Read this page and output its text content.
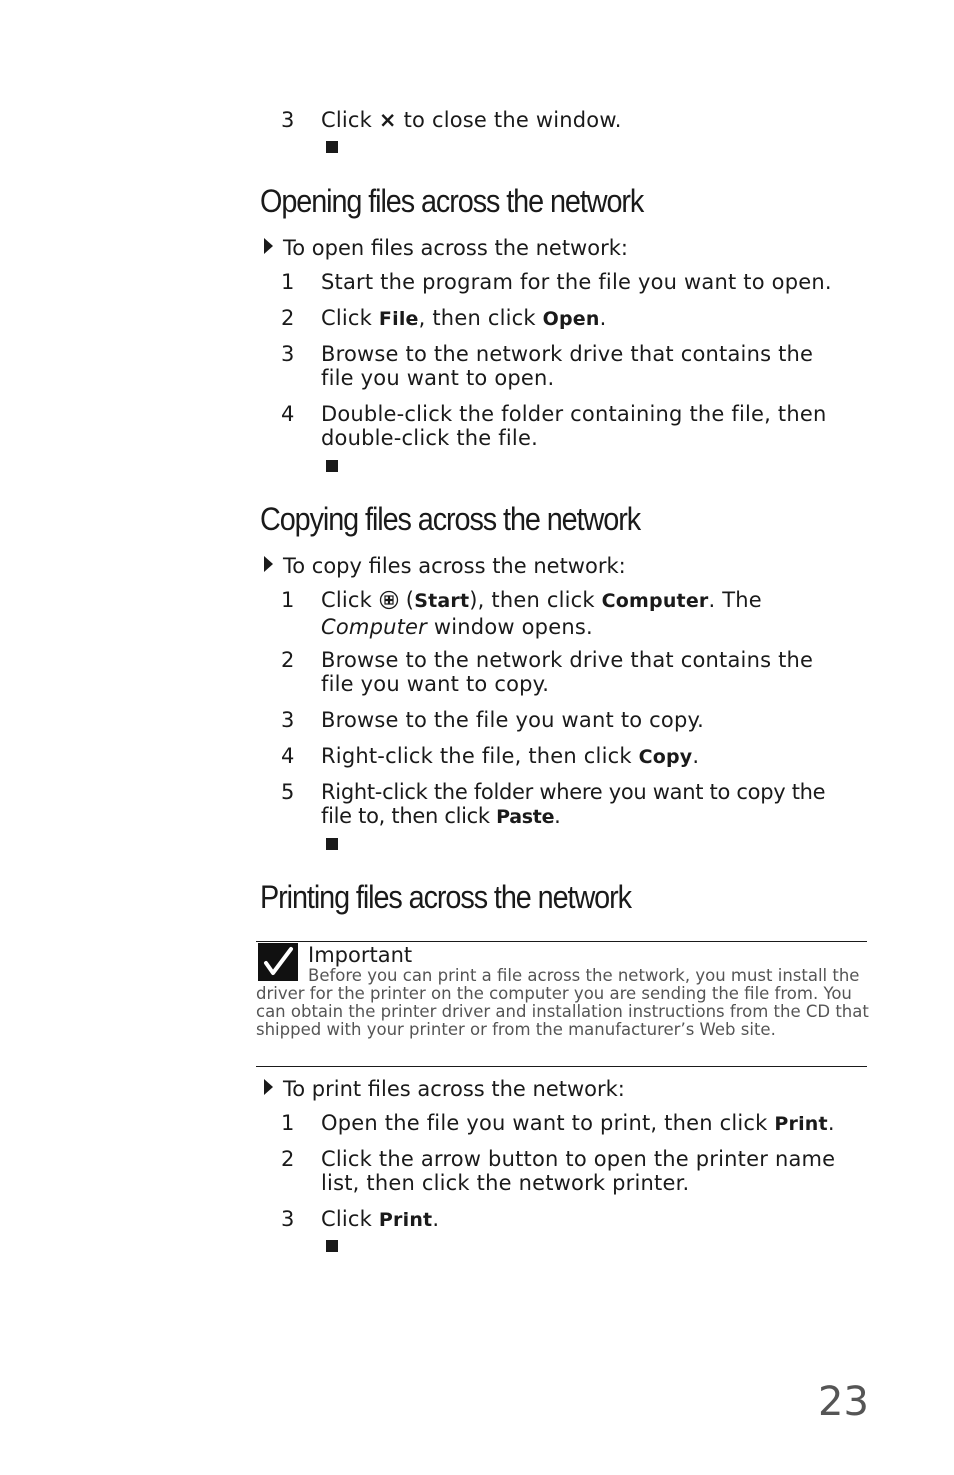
3 Click × to close the window.
Opening files across the network
To open files across the network:
1 Start the program for the file you want to open.
2 Click File, then click Open.
3 Browse to the network drive that contains the
file you want to open.
4 Double-click the folder containing the file, then
double-click the file.
Copying files across the network
To copy files across the network:
1 Click  (Start), then click Computer. The
Computer window opens.
2 Browse to the network drive that contains the
file you want to copy.
3 Browse to the file you want to copy.
4 Right-click the file, then click Copy.
5 Right-click the folder where you want to copy the
file to, then click Paste.
Printing files across the network
Important
Before you can print a file across the network, you must install the driver for the printer on the computer you are sending the file from. You can obtain the printer driver and installation instructions from the CD that shipped with your printer or from the manufacturer’s Web site.
To print files across the network:
1 Open the file you want to print, then click Print.
2 Click the arrow button to open the printer name
list, then click the network printer.
3 Click Print.
23
